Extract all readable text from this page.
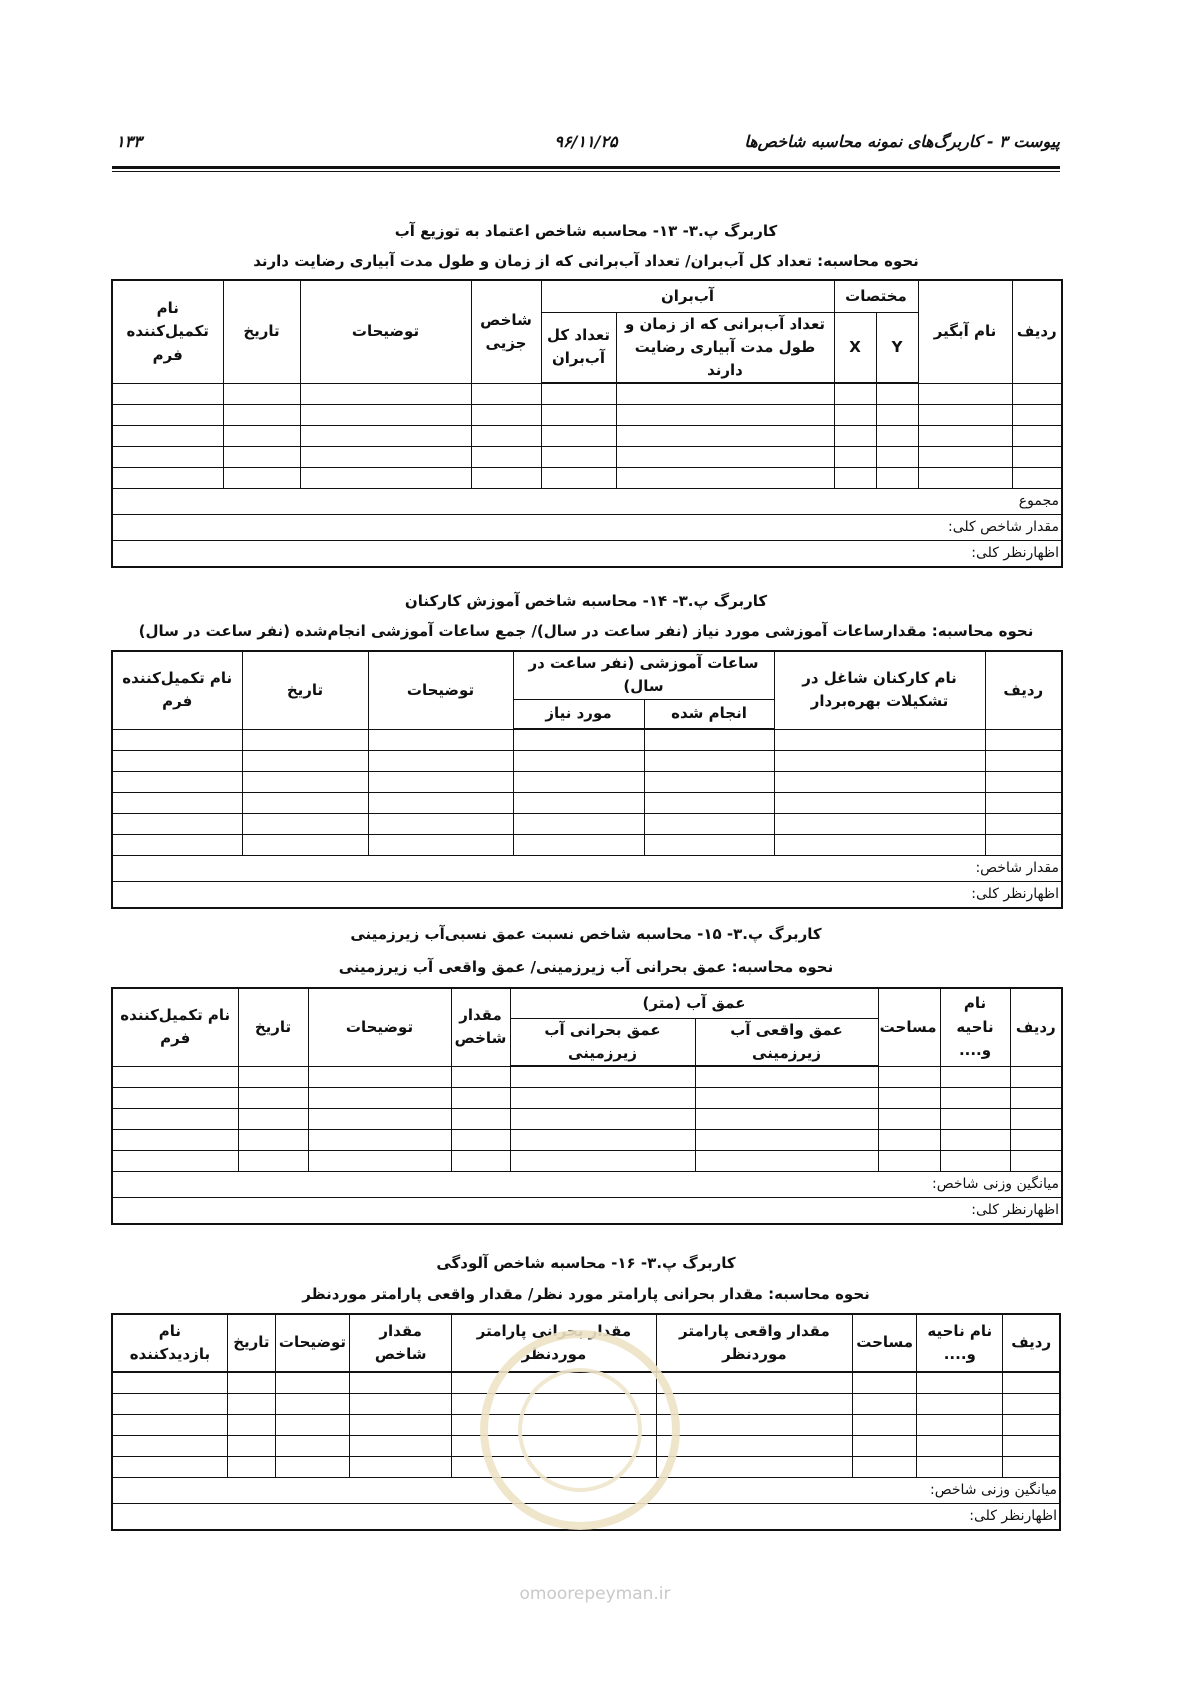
پیوست ۳ - کاربرگ‌های نمونه محاسبه شاخص‌ها
۹۶/۱۱/۲۵
۱۳۳
کاربرگ پ.۳- ۱۳- محاسبه شاخص اعتماد به توزیع آب
نحوه محاسبه: تعداد کل آب‌بران/ تعداد آب‌برانی که از زمان و طول مدت آبیاری رضایت دارند
ردیف	نام آبگیر	مختصات		آب‌بران		شاخص جزیی	توضیحات	تاریخ	نام تکمیل‌کننده فرم
		Y	X	تعداد آب‌برانی که از زمان و طول مدت آبیاری رضایت دارند	تعداد کل آب‌بران				

مجموع									
مقدار شاخص کلی:									
اظهارنظر کلی:									
کاربرگ پ.۳- ۱۴- محاسبه شاخص آموزش کارکنان
نحوه محاسبه: مقدارساعات آموزشی مورد نیاز (نفر ساعت در سال)/ جمع ساعات آموزشی انجام‌شده (نفر ساعت در سال)
ردیف	نام کارکنان شاغل در تشکیلات بهره‌بردار	ساعات آموزشی (نفر ساعت در سال)		توضیحات	تاریخ	نام تکمیل‌کننده فرم
		انجام شده	مورد نیاز			

مقدار شاخص:						
اظهارنظر کلی:						
کاربرگ پ.۳- ۱۵- محاسبه شاخص نسبت عمق نسبی‌آب زیرزمینی
نحوه محاسبه: عمق بحرانی آب زیرزمینی/ عمق واقعی آب زیرزمینی
ردیف	نام ناحیه و....	مساحت	عمق آب (متر)		مقدار شاخص	توضیحات	تاریخ	نام تکمیل‌کننده فرم
			عمق واقعی آب زیرزمینی	عمق بحرانی آب زیرزمینی				

میانگین وزنی شاخص:								
اظهارنظر کلی:								
کاربرگ پ.۳- ۱۶- محاسبه شاخص آلودگی
نحوه محاسبه: مقدار بحرانی پارامتر مورد نظر/ مقدار واقعی پارامتر موردنظر
ردیف	نام ناحیه و....	مساحت	مقدار واقعی پارامتر موردنظر	مقدار بحرانی پارامتر موردنظر	مقدار شاخص	توضیحات	تاریخ	نام بازدیدکننده

میانگین وزنی شاخص:								
اظهارنظر کلی:								
omoorepeyman.ir
